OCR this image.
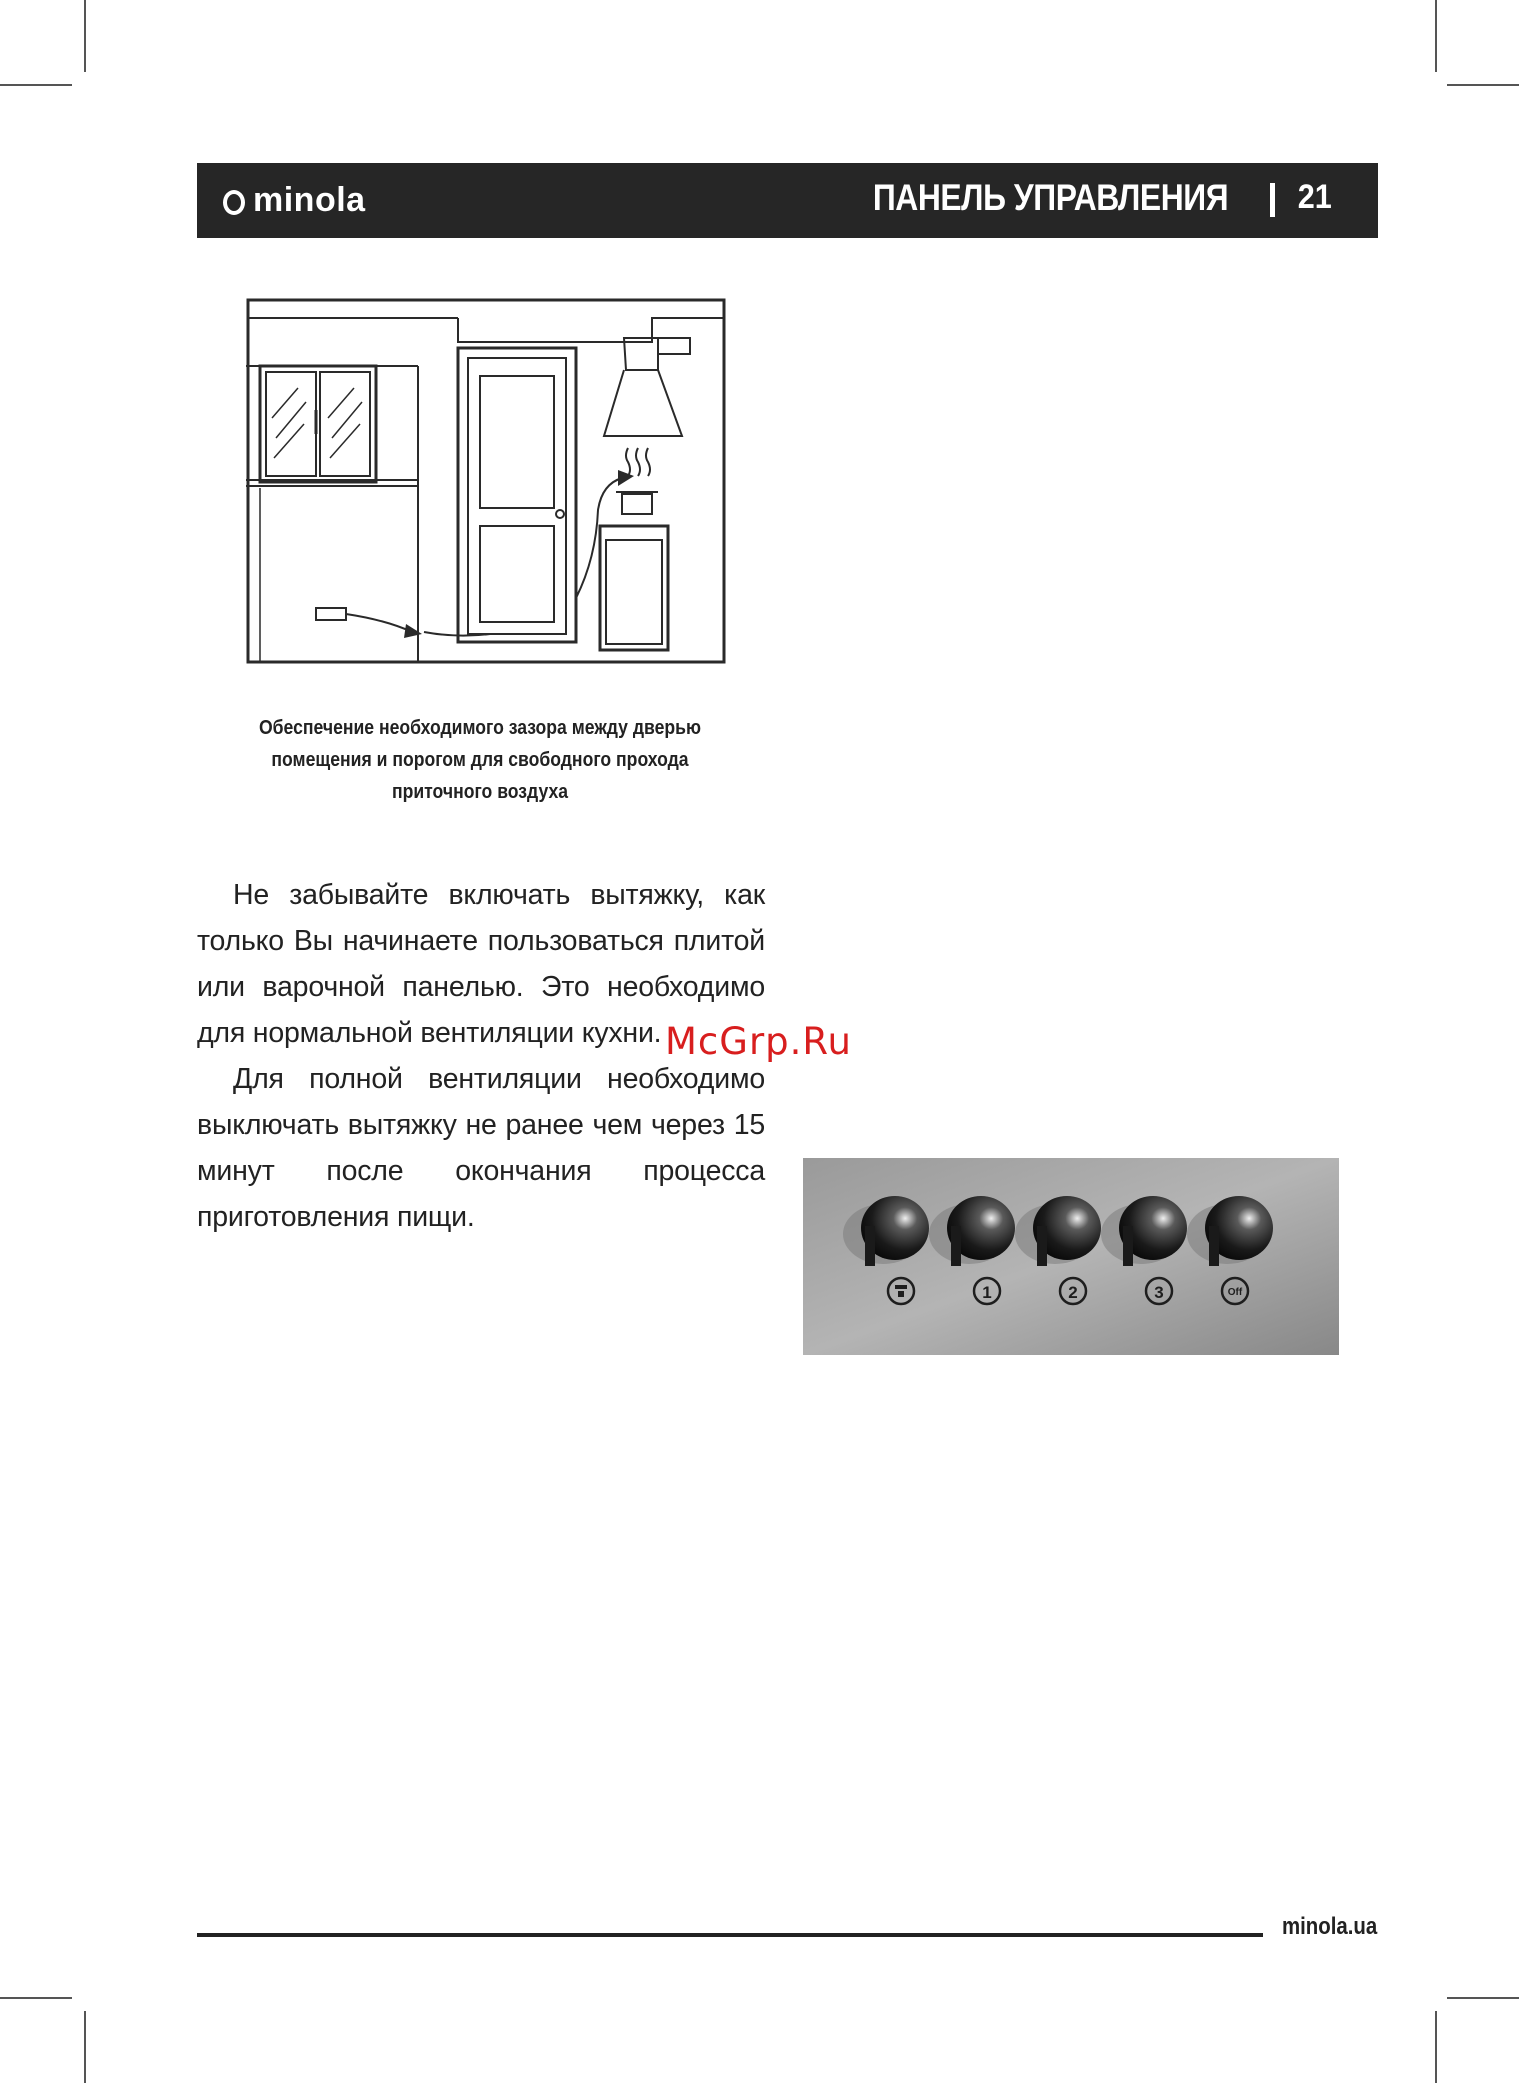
minola	ПАНЕЛЬ УПРАВЛЕНИЯ 21
Обеспечение необходимого зазора между дверью помещения и порогом для свободного прохода приточного воздуха

Не забывайте включать вытяжку, как только Вы начинаете пользоваться плитой или варочной панелью. Это необходимо для нормальной вентиляции кухни.

Для полной вентиляции необходимо выключать вытяжку не ранее чем через 15 минут после окончания процесса приготовления пищи.

McGrp.Ru
1	2	3	Off
minola.ua
